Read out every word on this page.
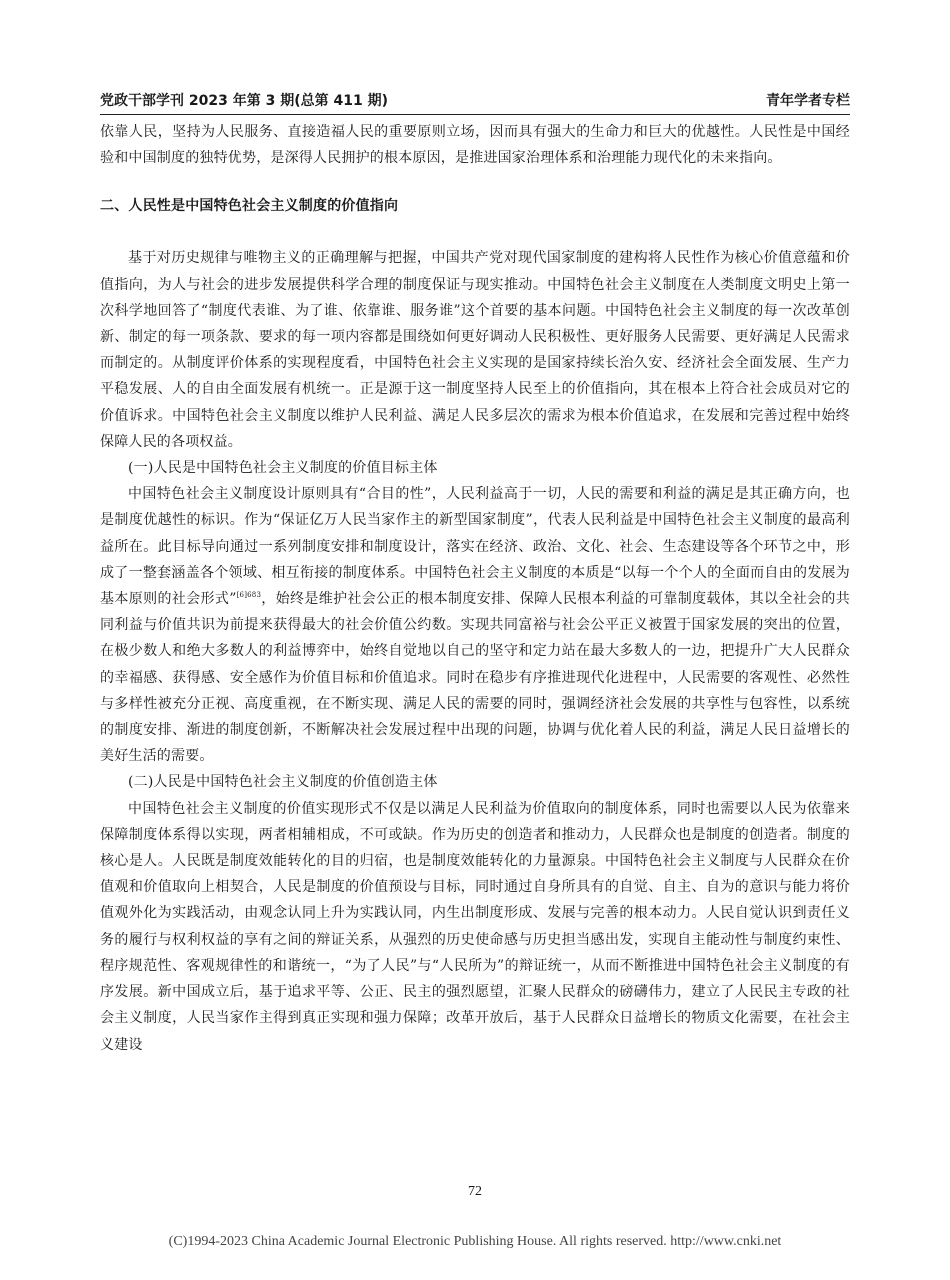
党政干部学刊 2023 年第 3 期(总第 411 期)	青年学者专栏

依靠人民，坚持为人民服务、直接造福人民的重要原则立场，因而具有强大的生命力和巨大的优越性。人民性是中国经验和中国制度的独特优势，是深得人民拥护的根本原因，是推进国家治理体系和治理能力现代化的未来指向。

二、人民性是中国特色社会主义制度的价值指向

基于对历史规律与唯物主义的正确理解与把握，中国共产党对现代国家制度的建构将人民性作为核心价值意蕴和价值指向，为人与社会的进步发展提供科学合理的制度保证与现实推动。中国特色社会主义制度在人类制度文明史上第一次科学地回答了“制度代表谁、为了谁、依靠谁、服务谁”这个首要的基本问题。中国特色社会主义制度的每一次改革创新、制定的每一项条款、要求的每一项内容都是围绕如何更好调动人民积极性、更好服务人民需要、更好满足人民需求而制定的。从制度评价体系的实现程度看，中国特色社会主义实现的是国家持续长治久安、经济社会全面发展、生产力平稳发展、人的自由全面发展有机统一。正是源于这一制度坚持人民至上的价值指向，其在根本上符合社会成员对它的价值诉求。中国特色社会主义制度以维护人民利益、满足人民多层次的需求为根本价值追求，在发展和完善过程中始终保障人民的各项权益。

(一)人民是中国特色社会主义制度的价值目标主体

中国特色社会主义制度设计原则具有“合目的性”，人民利益高于一切，人民的需要和利益的满足是其正确方向，也是制度优越性的标识。作为“保证亿万人民当家作主的新型国家制度”，代表人民利益是中国特色社会主义制度的最高利益所在。此目标导向通过一系列制度安排和制度设计，落实在经济、政治、文化、社会、生态建设等各个环节之中，形成了一整套涵盖各个领域、相互衔接的制度体系。中国特色社会主义制度的本质是“以每一个个人的全面而自由的发展为基本原则的社会形式”$^{[6]683}$，始终是维护社会公正的根本制度安排、保障人民根本利益的可靠制度载体，其以全社会的共同利益与价值共识为前提来获得最大的社会价值公约数。实现共同富裕与社会公平正义被置于国家发展的突出的位置，在极少数人和绝大多数人的利益博弈中，始终自觉地以自己的坚守和定力站在最大多数人的一边，把提升广大人民群众的幸福感、获得感、安全感作为价值目标和价值追求。同时在稳步有序推进现代化进程中，人民需要的客观性、必然性与多样性被充分正视、高度重视，在不断实现、满足人民的需要的同时，强调经济社会发展的共享性与包容性，以系统的制度安排、渐进的制度创新，不断解决社会发展过程中出现的问题，协调与优化着人民的利益，满足人民日益增长的美好生活的需要。

(二)人民是中国特色社会主义制度的价值创造主体

中国特色社会主义制度的价值实现形式不仅是以满足人民利益为价值取向的制度体系，同时也需要以人民为依靠来保障制度体系得以实现，两者相辅相成，不可或缺。作为历史的创造者和推动力，人民群众也是制度的创造者。制度的核心是人。人民既是制度效能转化的目的归宿，也是制度效能转化的力量源泉。中国特色社会主义制度与人民群众在价值观和价值取向上相契合，人民是制度的价值预设与目标，同时通过自身所具有的自觉、自主、自为的意识与能力将价值观外化为实践活动，由观念认同上升为实践认同，内生出制度形成、发展与完善的根本动力。人民自觉认识到责任义务的履行与权利权益的享有之间的辩证关系，从强烈的历史使命感与历史担当感出发，实现自主能动性与制度约束性、程序规范性、客观规律性的和谐统一，“为了人民”与“人民所为”的辩证统一，从而不断推进中国特色社会主义制度的有序发展。新中国成立后，基于追求平等、公正、民主的强烈愿望，汇聚人民群众的磅礴伟力，建立了人民民主专政的社会主义制度，人民当家作主得到真正实现和强力保障；改革开放后，基于人民群众日益增长的物质文化需要，在社会主义建设

72
(C)1994-2023 China Academic Journal Electronic Publishing House. All rights reserved. http://www.cnki.net
